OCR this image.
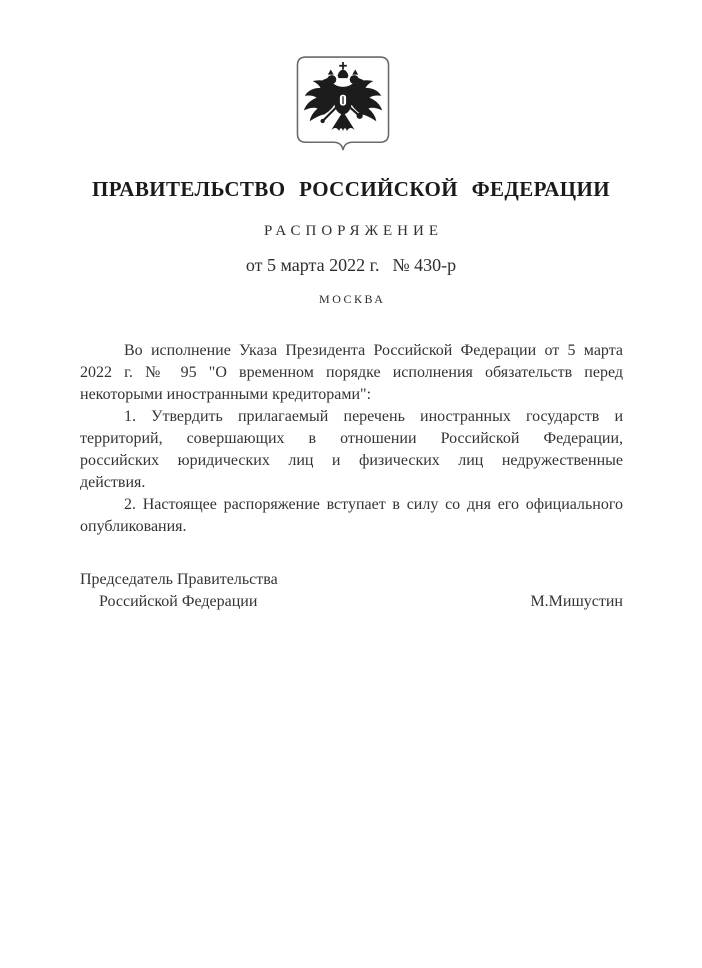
ПРАВИТЕЛЬСТВО РОССИЙСКОЙ ФЕДЕРАЦИИ
РАСПОРЯЖЕНИЕ
от 5 марта 2022 г. № 430-р
МОСКВА
Во исполнение Указа Президента Российской Федерации от 5 марта
2022 г. № 95 "О временном порядке исполнения обязательств перед
некоторыми иностранными кредиторами":
1. Утвердить прилагаемый перечень иностранных государств и
территорий, совершающих в отношении Российской Федерации,
российских юридических лиц и физических лиц недружественные
действия.
2. Настоящее распоряжение вступает в силу со дня его официального
опубликования.
Председатель Правительства
Российской Федерации	М.Мишустин
